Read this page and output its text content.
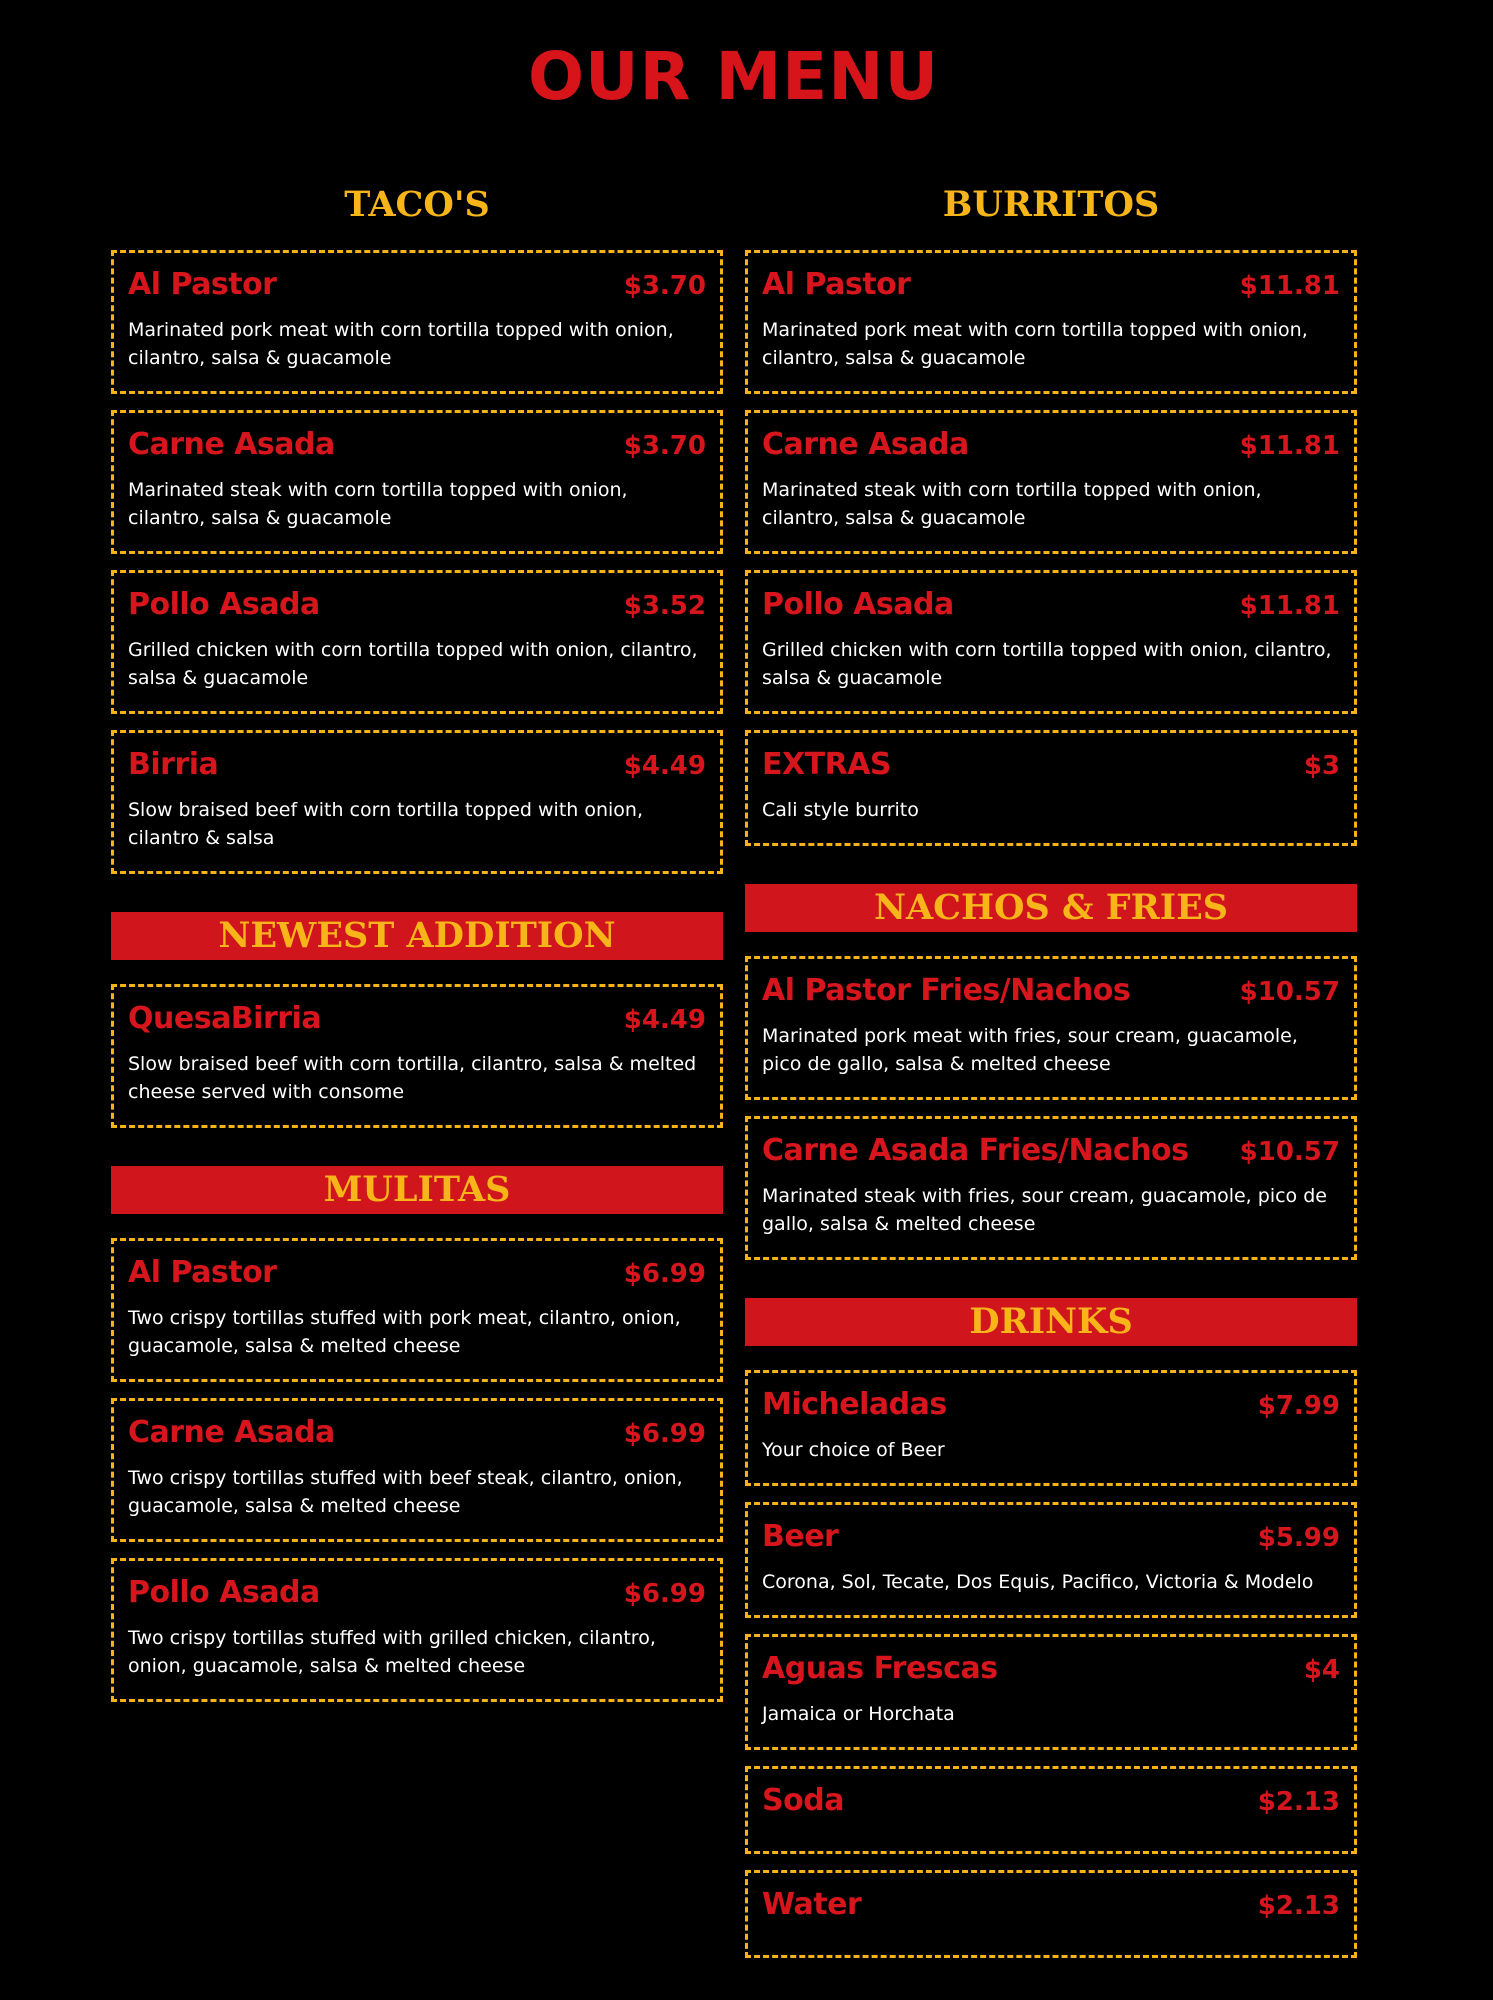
OUR MENU
TACO'S
Al Pastor	$3.70
Marinated pork meat with corn tortilla topped with onion, cilantro, salsa & guacamole
Carne Asada	$3.70
Marinated steak with corn tortilla topped with onion, cilantro, salsa & guacamole
Pollo Asada	$3.52
Grilled chicken with corn tortilla topped with onion, cilantro, salsa & guacamole
Birria	$4.49
Slow braised beef with corn tortilla topped with onion, cilantro & salsa
NEWEST ADDITION
QuesaBirria	$4.49
Slow braised beef with corn tortilla, cilantro, salsa & melted cheese served with consome
MULITAS
Al Pastor	$6.99
Two crispy tortillas stuffed with pork meat, cilantro, onion, guacamole, salsa & melted cheese
Carne Asada	$6.99
Two crispy tortillas stuffed with beef steak, cilantro, onion, guacamole, salsa & melted cheese
Pollo Asada	$6.99
Two crispy tortillas stuffed with grilled chicken, cilantro, onion, guacamole, salsa & melted cheese
BURRITOS
Al Pastor	$11.81
Marinated pork meat with corn tortilla topped with onion, cilantro, salsa & guacamole
Carne Asada	$11.81
Marinated steak with corn tortilla topped with onion, cilantro, salsa & guacamole
Pollo Asada	$11.81
Grilled chicken with corn tortilla topped with onion, cilantro, salsa & guacamole
EXTRAS	$3
Cali style burrito
NACHOS & FRIES
Al Pastor Fries/Nachos	$10.57
Marinated pork meat with fries, sour cream, guacamole, pico de gallo, salsa & melted cheese
Carne Asada Fries/Nachos $10.57
Marinated steak with fries, sour cream, guacamole, pico de gallo, salsa & melted cheese
DRINKS
Micheladas	$7.99
Your choice of Beer
Beer	$5.99
Corona, Sol, Tecate, Dos Equis, Pacifico, Victoria & Modelo
Aguas Frescas	$4
Jamaica or Horchata
Soda	$2.13
Water	$2.13
